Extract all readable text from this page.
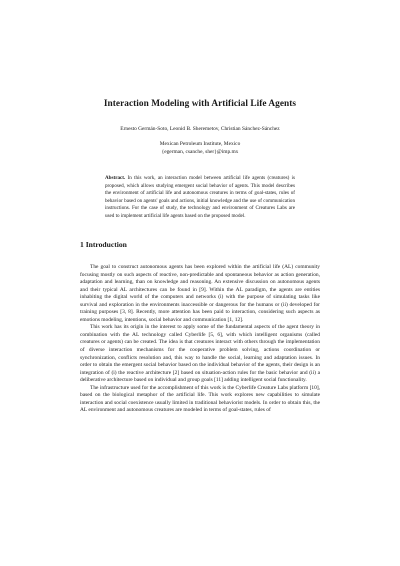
Interaction Modeling with Artificial Life Agents
Ernesto Germán-Soto, Leonid B. Sheremetov, Christian Sánchez-Sánchez
Mexican Petroleum Institute, Mexico
{egerman, csanche, sher}@imp.mx
Abstract. In this work, an interaction model between artificial life agents (creatures) is proposed, which allows studying emergent social behavior of agents. This model describes the environment of artificial life and autonomous creatures in terms of goal-states, rules of behavior based on agents' goals and actions, initial knowledge and the use of communication instructions. For the case of study, the technology and environment of Creatures Labs are used to implement artificial life agents based on the proposed model.
1 Introduction

The goal to construct autonomous agents has been explored within the artificial life (AL) community focusing mostly on such aspects of reactive, non-predictable and spontaneous behavior as action generation, adaptation and learning, than on knowledge and reasoning. An extensive discussion on autonomous agents and their typical AL architectures can be found in [9]. Within the AL paradigm, the agents are entities inhabiting the digital world of the computers and networks (i) with the purpose of simulating tasks like survival and exploration in the environments inaccessible or dangerous for the humans or (ii) developed for training purposes [3, 8]. Recently, more attention has been paid to interaction, considering such aspects as emotions modeling, intentions, social behavior and communication [1, 12].

This work has its origin in the interest to apply some of the fundamental aspects of the agent theory in combination with the AL technology called Cyberlife [5, 6], with which intelligent organisms (called creatures or agents) can be created. The idea is that creatures interact with others through the implementation of diverse interaction mechanisms for the cooperative problem solving, actions coordination or synchronization, conflicts resolution and, this way to handle the social, learning and adaptation issues. In order to obtain the emergent social behavior based on the individual behavior of the agents, their design is an integration of (i) the reactive architecture [2] based on situation-action rules for the basic behavior and (ii) a deliberative architecture based on individual and group goals [11] adding intelligent social functionality.

The infrastructure used for the accomplishment of this work is the Cyberlife Creature Labs platform [10], based on the biological metaphor of the artificial life. This work explores new capabilities to simulate interaction and social coexistence usually limited in traditional behaviorist models. In order to obtain this, the AL environment and autonomous creatures are modeled in terms of goal-states, rules of
